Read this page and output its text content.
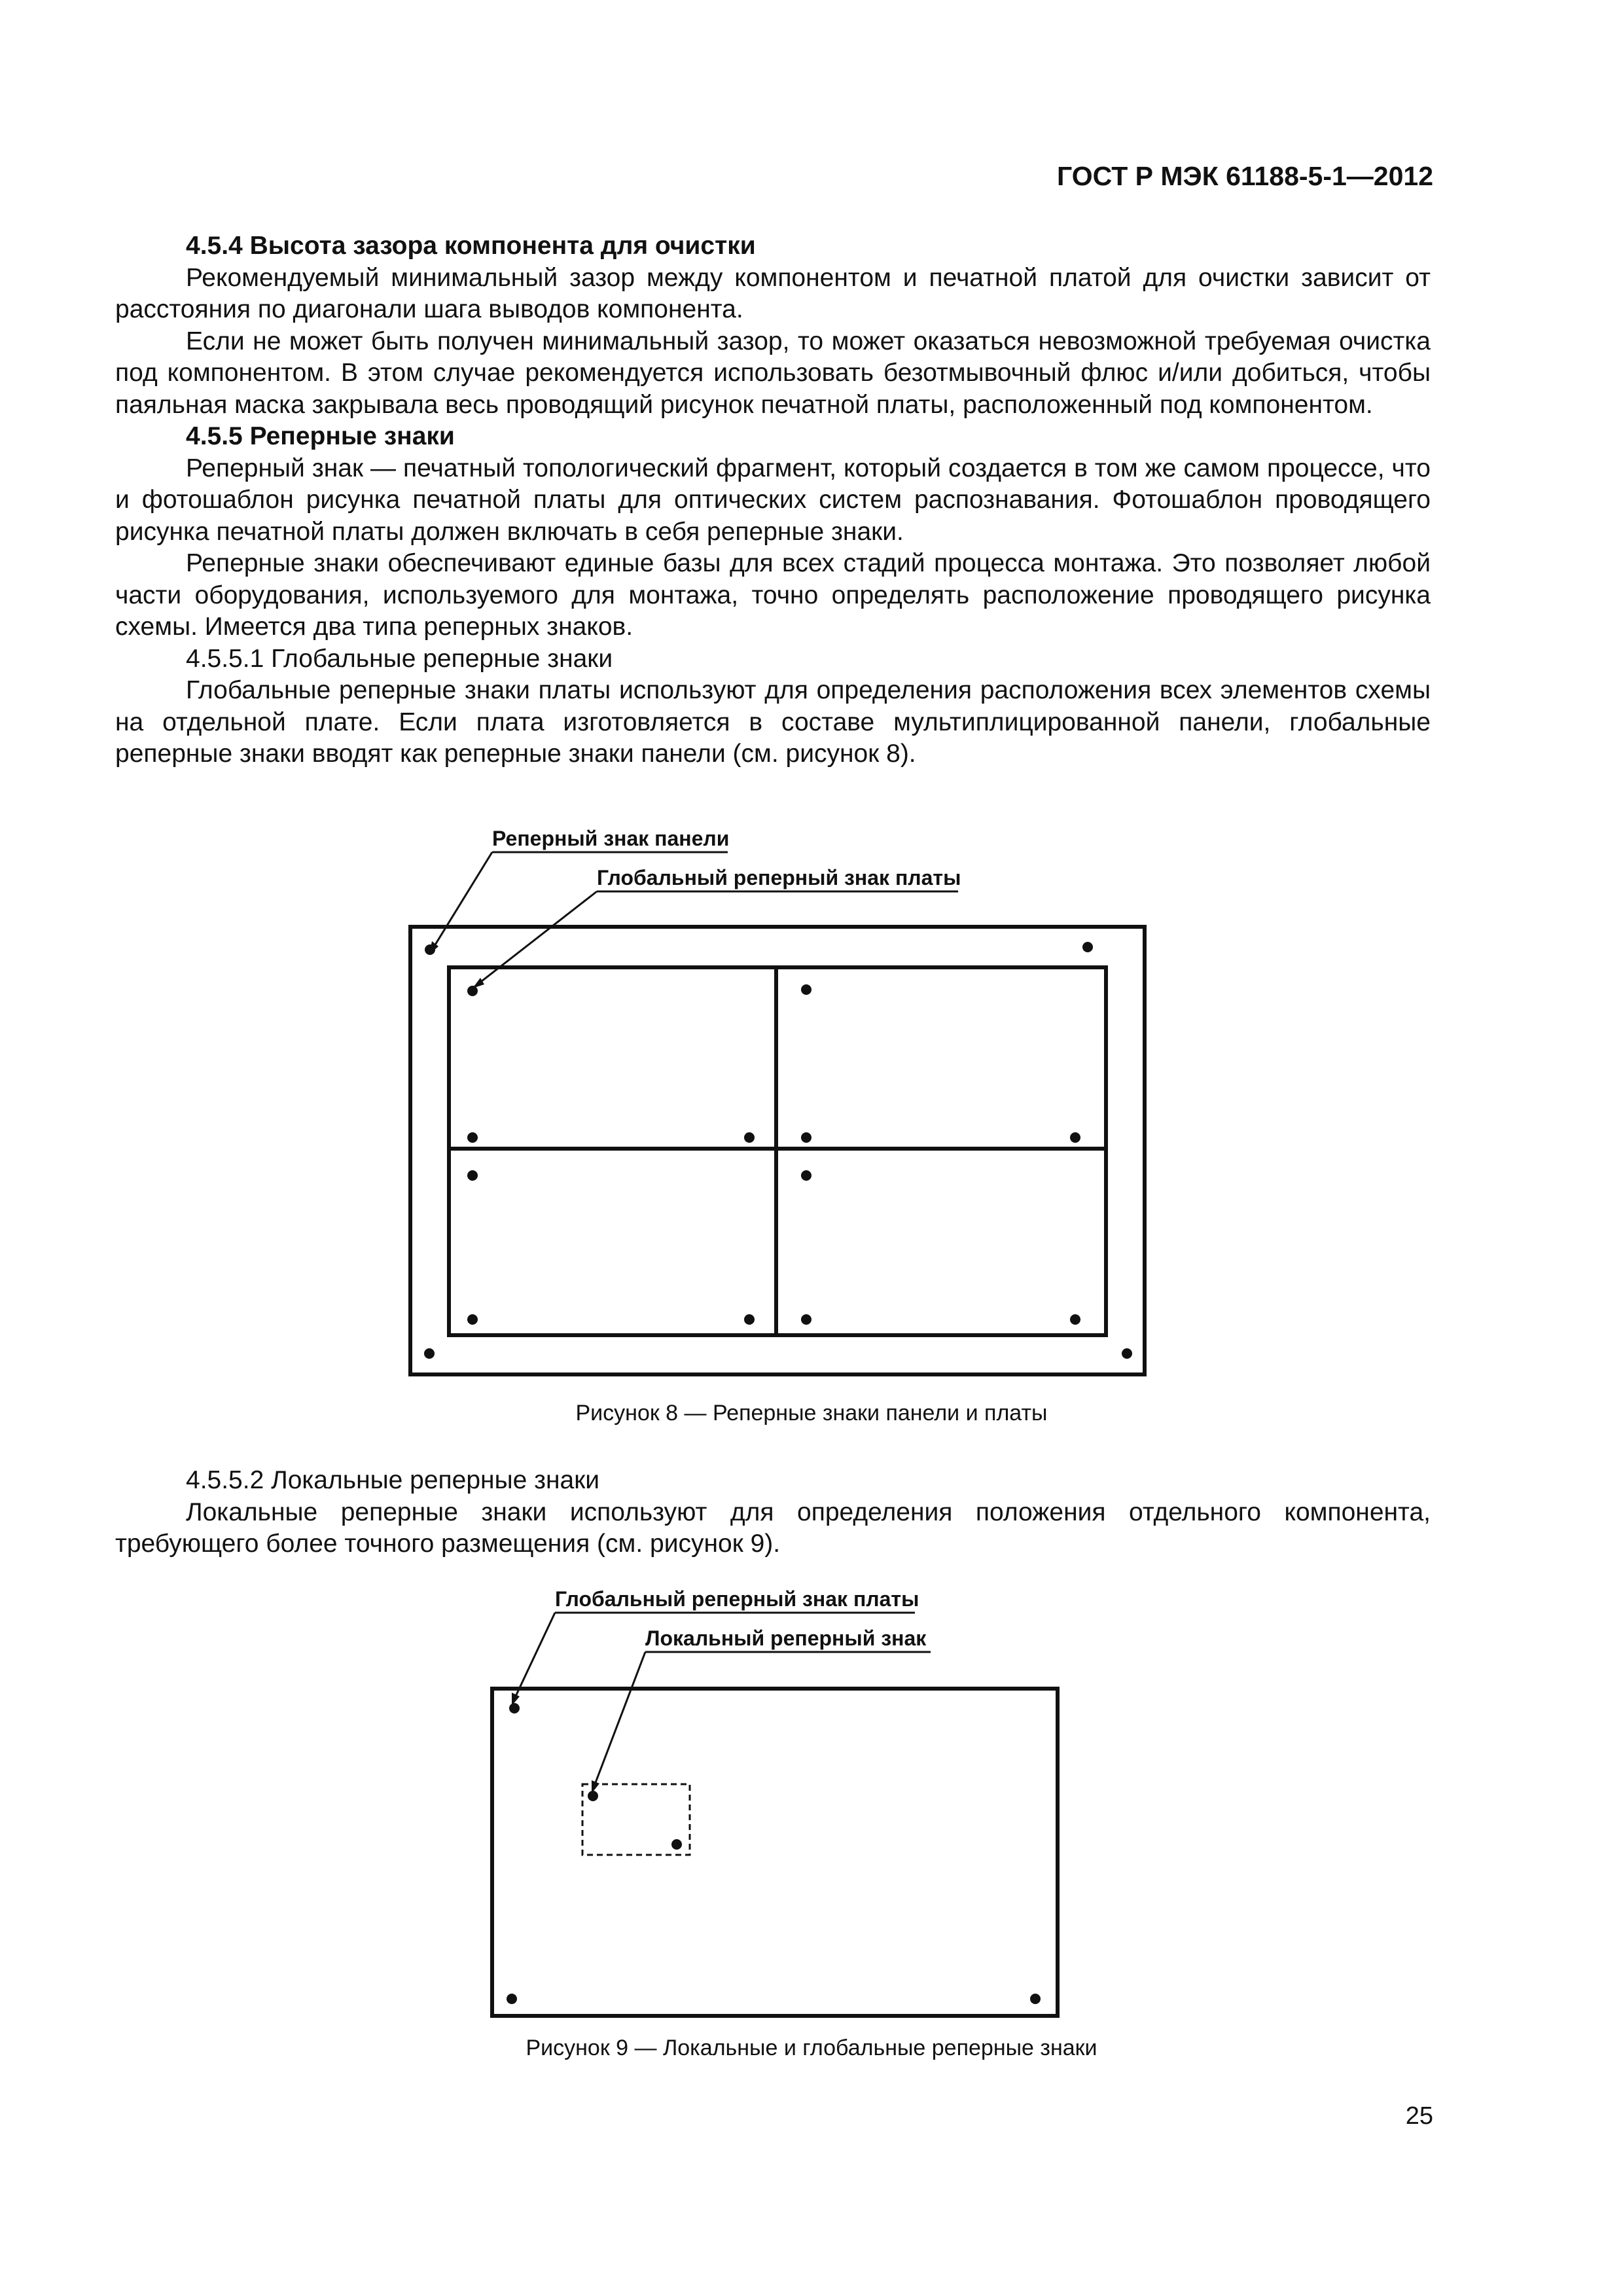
ГОСТ Р МЭК 61188-5-1—2012

4.5.4 Высота зазора компонента для очистки

Рекомендуемый минимальный зазор между компонентом и печатной платой для очистки зависит от расстояния по диагонали шага выводов компонента.

Если не может быть получен минимальный зазор, то может оказаться невозможной требуемая очистка под компонентом. В этом случае рекомендуется использовать безотмывочный флюс и/или добиться, чтобы паяльная маска закрывала весь проводящий рисунок печатной платы, расположенный под компонентом.

4.5.5 Реперные знаки

Реперный знак — печатный топологический фрагмент, который создается в том же самом процессе, что и фотошаблон рисунка печатной платы для оптических систем распознавания. Фотошаблон проводящего рисунка печатной платы должен включать в себя реперные знаки.

Реперные знаки обеспечивают единые базы для всех стадий процесса монтажа. Это позволяет любой части оборудования, используемого для монтажа, точно определять расположение проводящего рисунка схемы. Имеется два типа реперных знаков.

4.5.5.1 Глобальные реперные знаки

Глобальные реперные знаки платы используют для определения расположения всех элементов схемы на отдельной плате. Если плата изготовляется в составе мультиплицированной панели, глобальные реперные знаки вводят как реперные знаки панели (см. рисунок 8).

Реперный знак панели
Глобальный реперный знак платы
Рисунок 8 — Реперные знаки панели и платы

4.5.5.2 Локальные реперные знаки

Локальные реперные знаки используют для определения положения отдельного компонента, требующего более точного размещения (см. рисунок 9).

Глобальный реперный знак платы
Локальный реперный знак
Рисунок 9 — Локальные и глобальные реперные знаки
25
